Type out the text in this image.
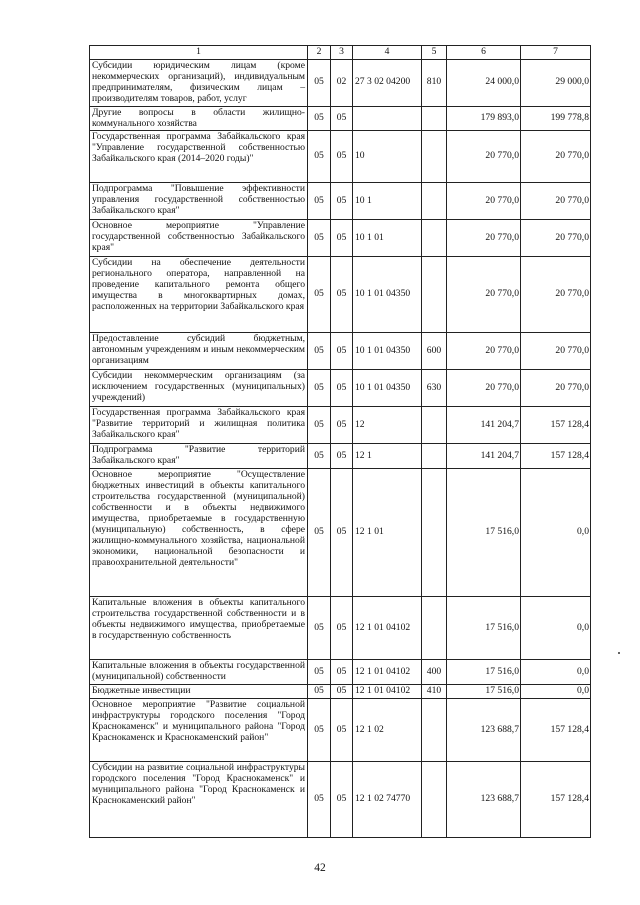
1	2	3	4	5	6	7
Субсидии юридическим лицам (кроме некоммерческих организаций), индивидуальным предпринимателям, физическим лицам – производителям товаров, работ, услуг	05	02	27 3 02 04200	810	24 000,0	29 000,0
Другие вопросы в области жилищно-коммунального хозяйства	05	05			179 893,0	199 778,8
Государственная программа Забайкальского края "Управление государственной собственностью Забайкальского края (2014–2020 годы)"	05	05	10		20 770,0	20 770,0
Подпрограмма "Повышение эффективности управления государственной собственностью Забайкальского края"	05	05	10 1		20 770,0	20 770,0
Основное мероприятие "Управление государственной собственностью Забайкальского края"	05	05	10 1 01		20 770,0	20 770,0
Субсидии на обеспечение деятельности регионального оператора, направленной на проведение капитального ремонта общего имущества в многоквартирных домах, расположенных на территории Забайкальского края	05	05	10 1 01 04350		20 770,0	20 770,0
Предоставление субсидий бюджетным, автономным учреждениям и иным некоммерческим организациям	05	05	10 1 01 04350	600	20 770,0	20 770,0
Субсидии некоммерческим организациям (за исключением государственных (муниципальных) учреждений)	05	05	10 1 01 04350	630	20 770,0	20 770,0
Государственная программа Забайкальского края "Развитие территорий и жилищная политика Забайкальского края"	05	05	12		141 204,7	157 128,4
Подпрограмма "Развитие территорий Забайкальского края"	05	05	12 1		141 204,7	157 128,4
Основное мероприятие "Осуществление бюджетных инвестиций в объекты капитального строительства государственной (муниципальной) собственности и в объекты недвижимого имущества, приобретаемые в государственную (муниципальную) собственность, в сфере жилищно-коммунального хозяйства, национальной экономики, национальной безопасности и правоохранительной деятельности"	05	05	12 1 01		17 516,0	0,0
Капитальные вложения в объекты капитального строительства государственной собственности и в объекты недвижимого имущества, приобретаемые в государственную собственность	05	05	12 1 01 04102		17 516,0	0,0
Капитальные вложения в объекты государственной (муниципальной) собственности	05	05	12 1 01 04102	400	17 516,0	0,0
Бюджетные инвестиции	05	05	12 1 01 04102	410	17 516,0	0,0
Основное мероприятие "Развитие социальной инфраструктуры городского поселения "Город Краснокаменск" и муниципального района "Город Краснокаменск и Краснокаменский район"	05	05	12 1 02		123 688,7	157 128,4
Субсидии на развитие социальной инфраструктуры городского поселения "Город Краснокаменск" и муниципального района "Город Краснокаменск и Краснокаменский район"	05	05	12 1 02 74770		123 688,7	157 128,4
42
